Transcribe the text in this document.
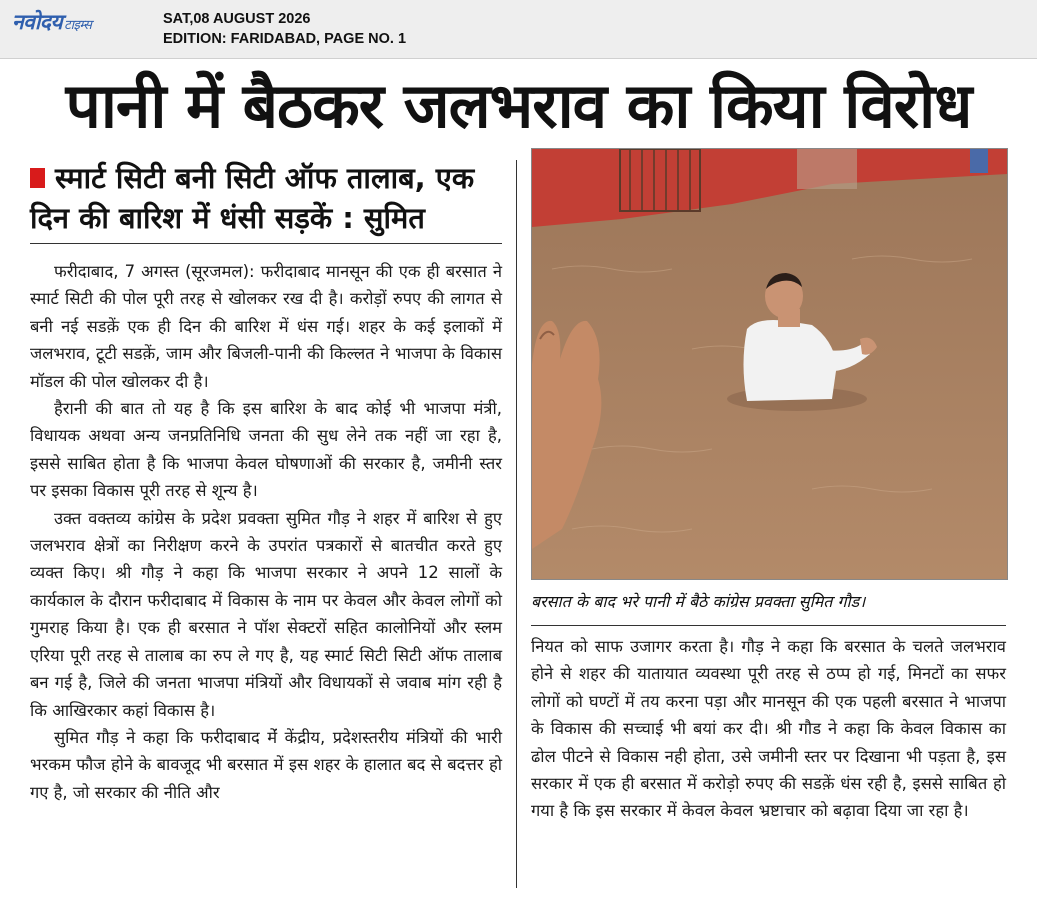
नवोदय टाइम्स	SAT,08 AUGUST 2026
EDITION: FARIDABAD, PAGE NO. 1
पानी में बैठकर जलभराव का किया विरोध
स्मार्ट सिटी बनी सिटी ऑफ तालाब, एक दिन की बारिश में धंसी सड़कें : सुमित

फरीदाबाद, 7 अगस्त (सूरजमल): फरीदाबाद मानसून की एक ही बरसात ने स्मार्ट सिटी की पोल पूरी तरह से खोलकर रख दी है। करोड़ों रुपए की लागत से बनी नई सडक़ें एक ही दिन की बारिश में धंस गई। शहर के कई इलाकों में जलभराव, टूटी सडक़ें, जाम और बिजली-पानी की किल्लत ने भाजपा के विकास मॉडल की पोल खोलकर दी है।

हैरानी की बात तो यह है कि इस बारिश के बाद कोई भी भाजपा मंत्री, विधायक अथवा अन्य जनप्रतिनिधि जनता की सुध लेने तक नहीं जा रहा है, इससे साबित होता है कि भाजपा केवल घोषणाओं की सरकार है, जमीनी स्तर पर इसका विकास पूरी तरह से शून्य है।

उक्त वक्तव्य कांग्रेस के प्रदेश प्रवक्ता सुमित गौड़ ने शहर में बारिश से हुए जलभराव क्षेत्रों का निरीक्षण करने के उपरांत पत्रकारों से बातचीत करते हुए व्यक्त किए। श्री गौड़ ने कहा कि भाजपा सरकार ने अपने 12 सालों के कार्यकाल के दौरान फरीदाबाद में विकास के नाम पर केवल और केवल लोगों को गुमराह किया है। एक ही बरसात ने पॉश सेक्टरों सहित कालोनियों और स्लम एरिया पूरी तरह से तालाब का रुप ले गए है, यह स्मार्ट सिटी सिटी ऑफ तालाब बन गई है, जिले की जनता भाजपा मंत्रियों और विधायकों से जवाब मांग रही है कि आखिरकार कहां विकास है।

सुमित गौड़ ने कहा कि फरीदाबाद मेंं केंद्रीय, प्रदेशस्तरीय मंत्रियों की भारी भरकम फौज होने के बावजूद भी बरसात में इस शहर के हालात बद से बदत्तर हो गए है, जो सरकार की नीति और

बरसात के बाद भरे पानी में बैठे कांग्रेस प्रवक्ता सुमित गौड।

नियत को साफ उजागर करता है। गौड़ ने कहा कि बरसात के चलते जलभराव होने से शहर की यातायात व्यवस्था पूरी तरह से ठप्प हो गई, मिनटों का सफर लोगों को घण्टों में तय करना पड़ा और मानसून की एक पहली बरसात ने भाजपा के विकास की सच्चाई भी बयां कर दी। श्री गौड ने कहा कि केवल विकास का ढोल पीटने से विकास नही होता, उसे जमीनी स्तर पर दिखाना भी पड़ता है, इस सरकार में एक ही बरसात में करोड़ो रुपए की सडक़ें धंस रही है, इससे साबित हो गया है कि इस सरकार में केवल केवल भ्रष्टाचार को बढ़ावा दिया जा रहा है।
